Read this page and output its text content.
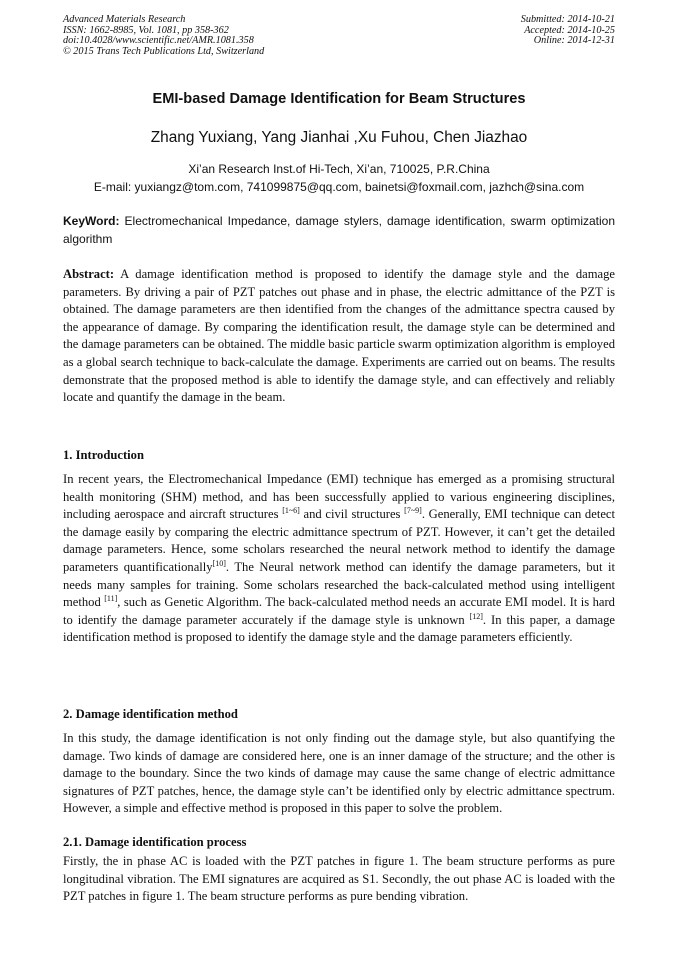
Advanced Materials Research
ISSN: 1662-8985, Vol. 1081, pp 358-362
doi:10.4028/www.scientific.net/AMR.1081.358
© 2015 Trans Tech Publications Ltd, Switzerland
Submitted: 2014-10-21
Accepted: 2014-10-25
Online: 2014-12-31
EMI-based Damage Identification for Beam Structures
Zhang Yuxiang, Yang Jianhai ,Xu Fuhou, Chen Jiazhao
Xi’an Research Inst.of Hi-Tech, Xi’an, 710025, P.R.China
E-mail: yuxiangz@tom.com, 741099875@qq.com, bainetsi@foxmail.com, jazhch@sina.com
KeyWord: Electromechanical Impedance, damage stylers, damage identification, swarm optimization algorithm
Abstract: A damage identification method is proposed to identify the damage style and the damage parameters. By driving a pair of PZT patches out phase and in phase, the electric admittance of the PZT is obtained. The damage parameters are then identified from the changes of the admittance spectra caused by the appearance of damage. By comparing the identification result, the damage style can be determined and the damage parameters can be obtained. The middle basic particle swarm optimization algorithm is employed as a global search technique to back-calculate the damage. Experiments are carried out on beams. The results demonstrate that the proposed method is able to identify the damage style, and can effectively and reliably locate and quantify the damage in the beam.
1. Introduction
In recent years, the Electromechanical Impedance (EMI) technique has emerged as a promising structural health monitoring (SHM) method, and has been successfully applied to various engineering disciplines, including aerospace and aircraft structures [1~6] and civil structures [7~9]. Generally, EMI technique can detect the damage easily by comparing the electric admittance spectrum of PZT. However, it can’t get the detailed damage parameters. Hence, some scholars researched the neural network method to identify the damage parameters quantificationally[10]. The Neural network method can identify the damage parameters, but it needs many samples for training. Some scholars researched the back-calculated method using intelligent method [11], such as Genetic Algorithm. The back-calculated method needs an accurate EMI model. It is hard to identify the damage parameter accurately if the damage style is unknown [12]. In this paper, a damage identification method is proposed to identify the damage style and the damage parameters efficiently.
2. Damage identification method
In this study, the damage identification is not only finding out the damage style, but also quantifying the damage. Two kinds of damage are considered here, one is an inner damage of the structure; and the other is damage to the boundary. Since the two kinds of damage may cause the same change of electric admittance signatures of PZT patches, hence, the damage style can’t be identified only by electric admittance spectrum. However, a simple and effective method is proposed in this paper to solve the problem.
2.1. Damage identification process
Firstly, the in phase AC is loaded with the PZT patches in figure 1. The beam structure performs as pure longitudinal vibration. The EMI signatures are acquired as S1. Secondly, the out phase AC is loaded with the PZT patches in figure 1. The beam structure performs as pure bending vibration.
